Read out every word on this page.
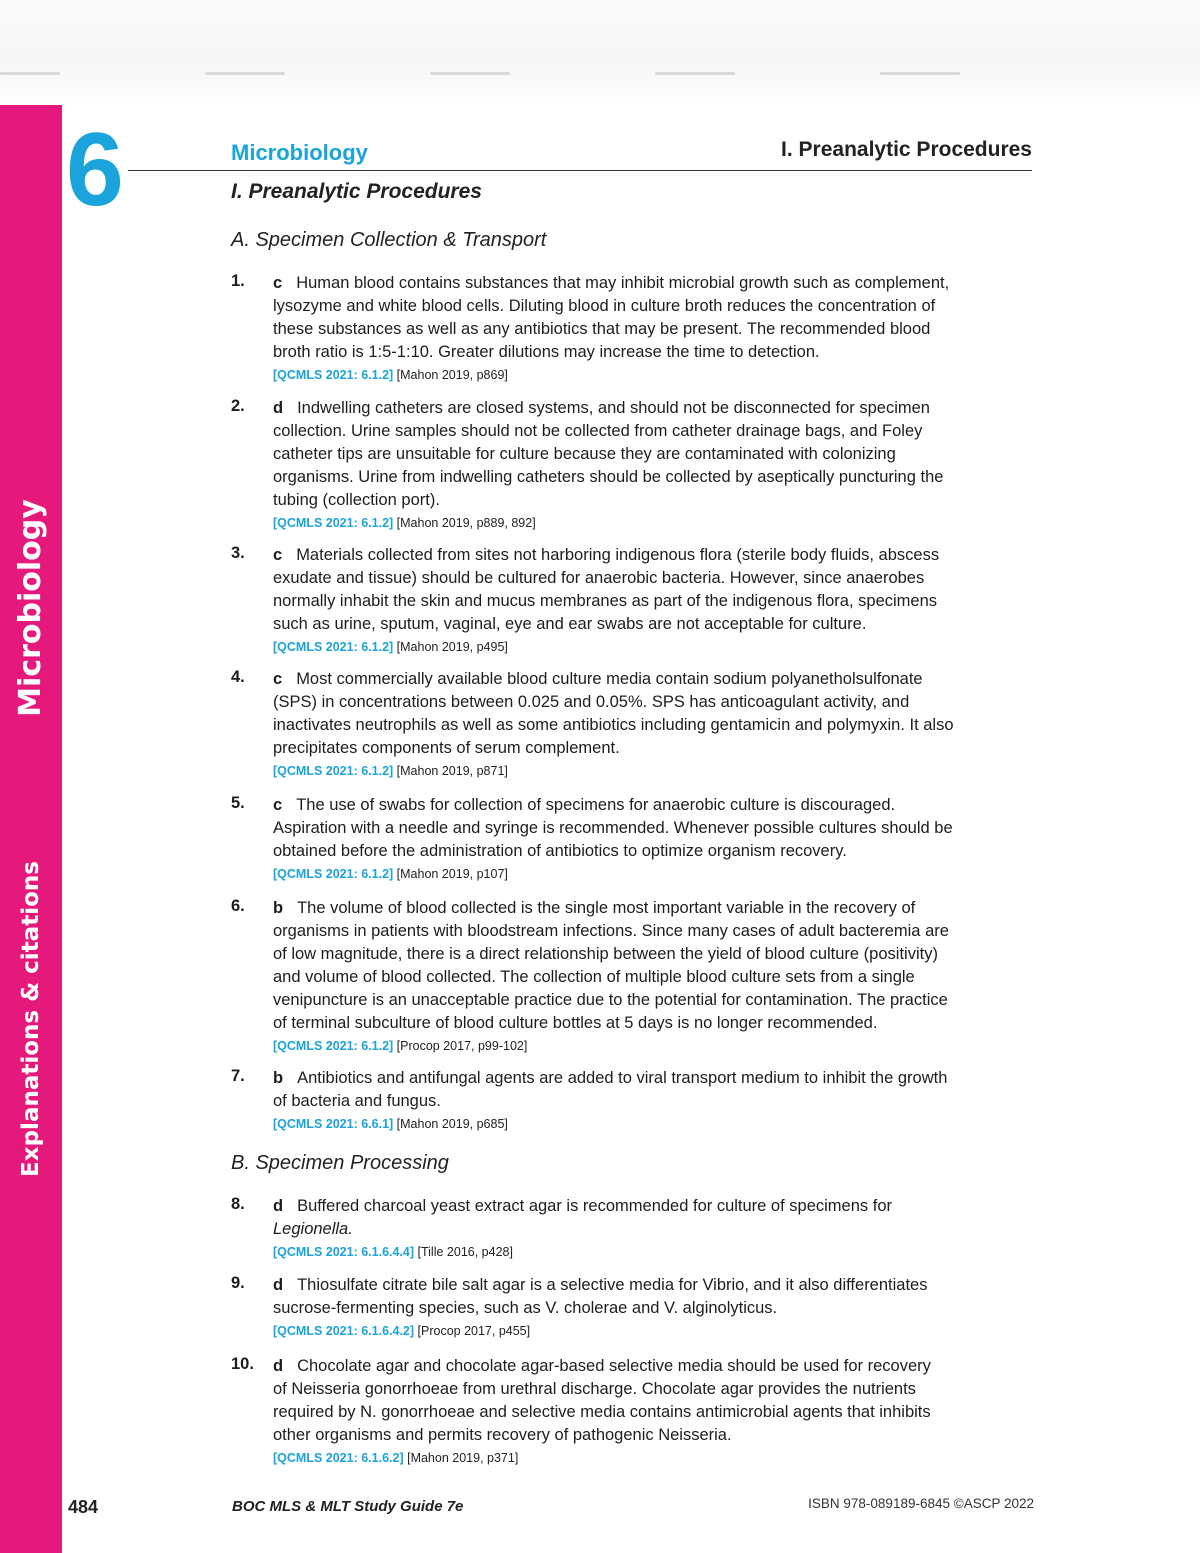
Microbiology
Explanations & citations
6	Microbiology	I. Preanalytic Procedures
I. Preanalytic Procedures
A. Specimen Collection & Transport
1. c Human blood contains substances that may inhibit microbial growth such as complement,
lysozyme and white blood cells. Diluting blood in culture broth reduces the concentration of
these substances as well as any antibiotics that may be present. The recommended blood
broth ratio is 1:5-1:10. Greater dilutions may increase the time to detection.
[QCMLS 2021: 6.1.2] [Mahon 2019, p869]
2. d Indwelling catheters are closed systems, and should not be disconnected for specimen
collection. Urine samples should not be collected from catheter drainage bags, and Foley
catheter tips are unsuitable for culture because they are contaminated with colonizing
organisms. Urine from indwelling catheters should be collected by aseptically puncturing the
tubing (collection port).
[QCMLS 2021: 6.1.2] [Mahon 2019, p889, 892]
3. c Materials collected from sites not harboring indigenous flora (sterile body fluids, abscess
exudate and tissue) should be cultured for anaerobic bacteria. However, since anaerobes
normally inhabit the skin and mucus membranes as part of the indigenous flora, specimens
such as urine, sputum, vaginal, eye and ear swabs are not acceptable for culture.
[QCMLS 2021: 6.1.2] [Mahon 2019, p495]
4. c Most commercially available blood culture media contain sodium polyanetholsulfonate
(SPS) in concentrations between 0.025 and 0.05%. SPS has anticoagulant activity, and
inactivates neutrophils as well as some antibiotics including gentamicin and polymyxin. It also
precipitates components of serum complement.
[QCMLS 2021: 6.1.2] [Mahon 2019, p871]
5. c The use of swabs for collection of specimens for anaerobic culture is discouraged.
Aspiration with a needle and syringe is recommended. Whenever possible cultures should be
obtained before the administration of antibiotics to optimize organism recovery.
[QCMLS 2021: 6.1.2] [Mahon 2019, p107]
6. b The volume of blood collected is the single most important variable in the recovery of
organisms in patients with bloodstream infections. Since many cases of adult bacteremia are
of low magnitude, there is a direct relationship between the yield of blood culture (positivity)
and volume of blood collected. The collection of multiple blood culture sets from a single
venipuncture is an unacceptable practice due to the potential for contamination. The practice
of terminal subculture of blood culture bottles at 5 days is no longer recommended.
[QCMLS 2021: 6.1.2] [Procop 2017, p99-102]
7. b Antibiotics and antifungal agents are added to viral transport medium to inhibit the growth
of bacteria and fungus.
[QCMLS 2021: 6.6.1] [Mahon 2019, p685]
B. Specimen Processing
8. d Buffered charcoal yeast extract agar is recommended for culture of specimens for
Legionella.
[QCMLS 2021: 6.1.6.4.4] [Tille 2016, p428]
9. d Thiosulfate citrate bile salt agar is a selective media for Vibrio, and it also differentiates
sucrose-fermenting species, such as V. cholerae and V. alginolyticus.
[QCMLS 2021: 6.1.6.4.2] [Procop 2017, p455]
10. d Chocolate agar and chocolate agar-based selective media should be used for recovery
of Neisseria gonorrhoeae from urethral discharge. Chocolate agar provides the nutrients
required by N. gonorrhoeae and selective media contains antimicrobial agents that inhibits
other organisms and permits recovery of pathogenic Neisseria.
[QCMLS 2021: 6.1.6.2] [Mahon 2019, p371]
484	BOC MLS & MLT Study Guide 7e	ISBN 978-089189-6845 ©ASCP 2022
